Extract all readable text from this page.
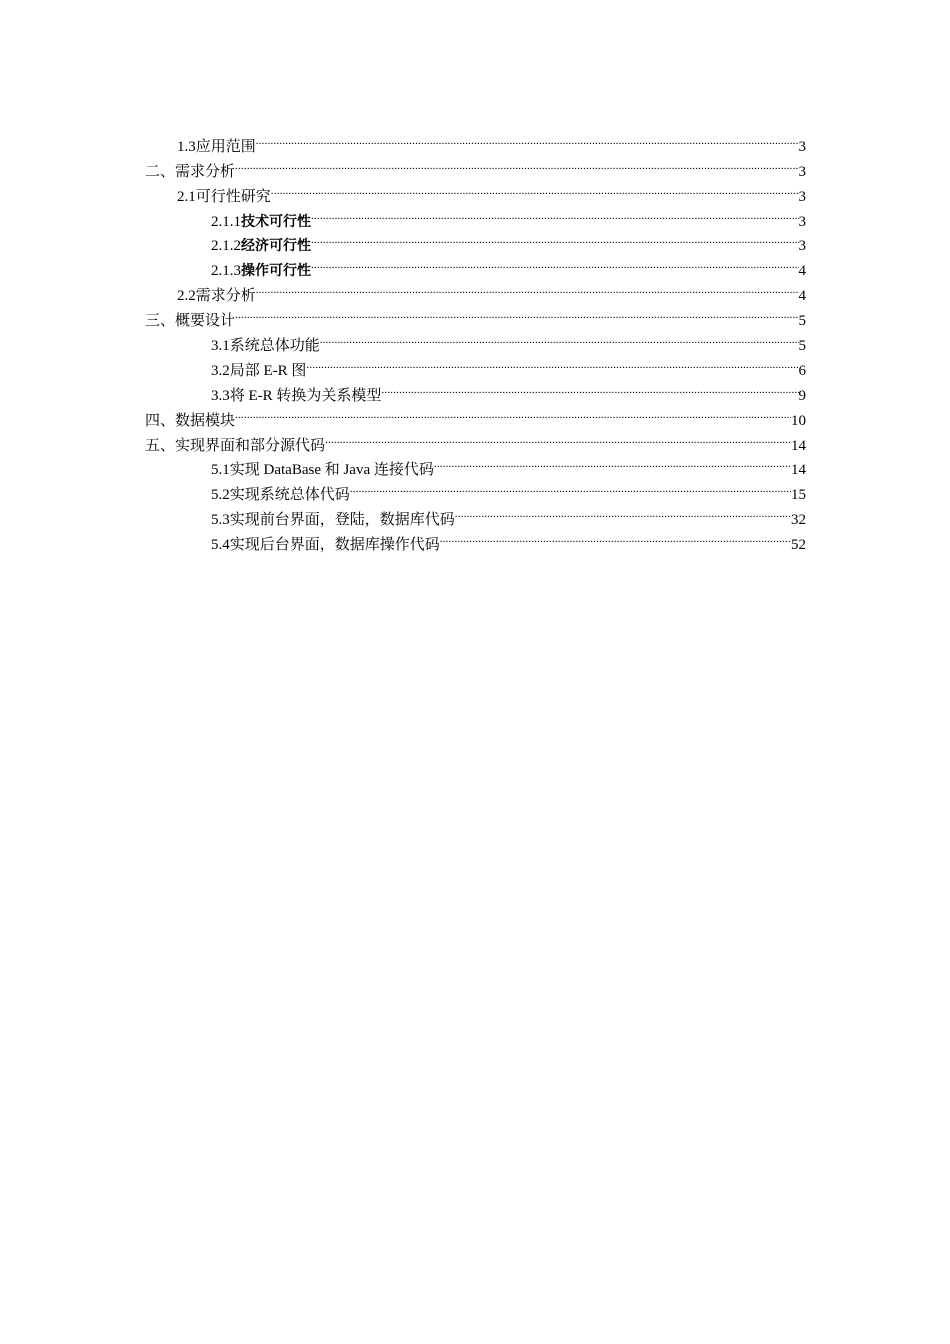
1.3 应用范围 .....	3
二、 需求分析 .....	3
2.1 可行性研究 .....	3
2.1.1 技术可行性 .....	3
2.1.2 经济可行性 .....	3
2.1.3 操作可行性 .....	4
2.2 需求分析 .....	4
三、 概要设计 .....	5
3.1 系统总体功能 .....	5
3.2 局部 E-R 图 .....	6
3.3 将 E-R 转换为关系模型 .....	9
四、 数据模块 .....	10
五、 实现界面和部分源代码 .....	14
5.1 实现 DataBase 和 Java 连接代码 .....	14
5.2 实现系统总体代码 .....	15
5.3 实现前台界面，登陆，数据库代码 .....	32
5.4 实现后台界面，数据库操作代码 .....	52
